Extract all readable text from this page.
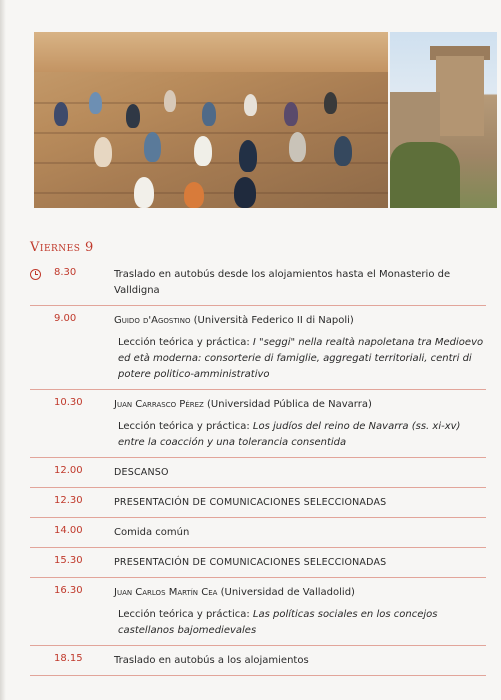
Viernes 9
8.30	Traslado en autobús desde los alojamientos hasta el Monasterio de Valldigna

9.00	Guido d'Agostino (Università Federico II di Napoli)

Lección teórica y práctica: I "seggi" nella realtà napoletana tra Medioevo ed età moderna: consorterie di famiglie, aggregati territoriali, centri di potere politico-amministrativo

10.30	Juan Carrasco Pérez (Universidad Pública de Navarra)

Lección teórica y práctica: Los judíos del reino de Navarra (ss. xi-xv) entre la coacción y una tolerancia consentida

12.00	DESCANSO

12.30	PRESENTACIÓN DE COMUNICACIONES SELECCIONADAS

14.00	Comida común

15.30	PRESENTACIÓN DE COMUNICACIONES SELECCIONADAS

16.30	Juan Carlos Martín Cea (Universidad de Valladolid)

Lección teórica y práctica: Las políticas sociales en los concejos castellanos bajomedievales

18.15	Traslado en autobús a los alojamientos
